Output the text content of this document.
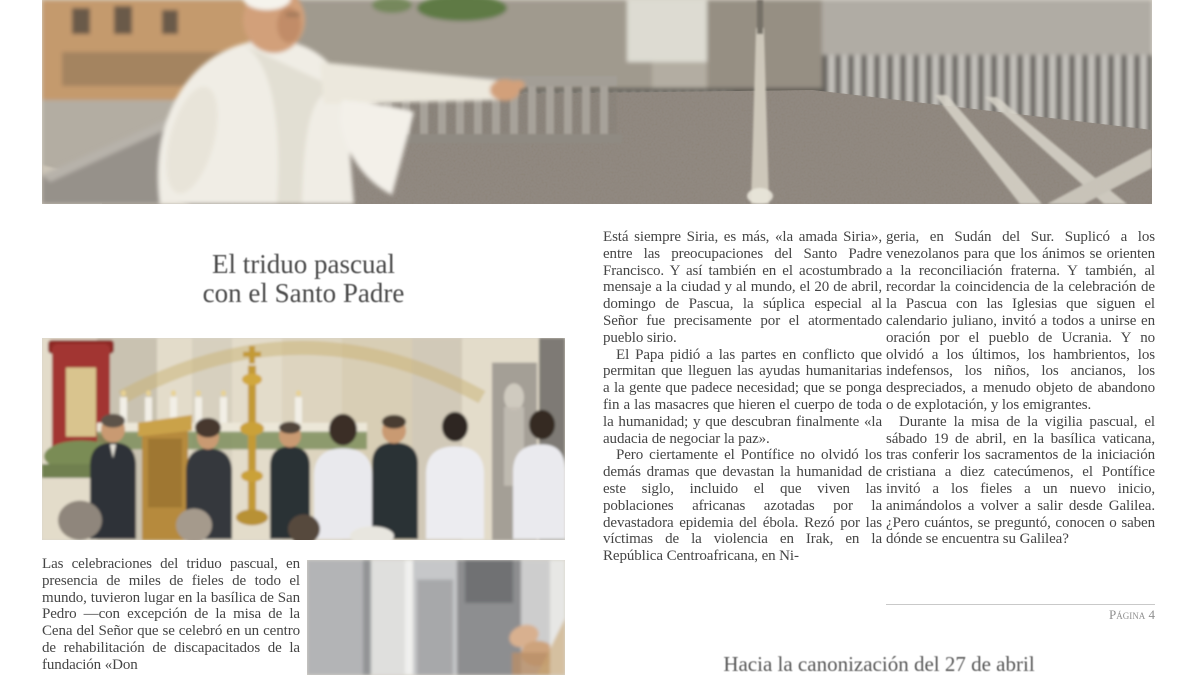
El triduo pascual
con el Santo Padre

Las celebraciones del triduo pascual, en presencia de miles de fieles de todo el mundo, tuvieron lugar en la basílica de San Pedro —con excepción de la misa de la Cena del Señor que se celebró en un centro de rehabilitación de discapacitados de la fundación «Don

Está siempre Siria, es más, «la amada Siria», entre las preocupaciones del Santo Padre Francisco. Y así también en el acostumbrado mensaje a la ciudad y al mundo, el 20 de abril, domingo de Pascua, la súplica especial al Señor fue precisamente por el atormentado pueblo sirio.

El Papa pidió a las partes en conflicto que permitan que lleguen las ayudas humanitarias a la gente que padece necesidad; que se ponga fin a las masacres que hieren el cuerpo de toda la humanidad; y que descubran finalmente «la audacia de negociar la paz».

Pero ciertamente el Pontífice no olvidó los demás dramas que devastan la humanidad de este siglo, incluido el que viven las poblaciones africanas azotadas por la devastadora epidemia del ébola. Rezó por las víctimas de la violencia en Irak, en la República Centroafricana, en Ni-

geria, en Sudán del Sur. Suplicó a los venezolanos para que los ánimos se orienten a la reconciliación fraterna. Y también, al recordar la coincidencia de la celebración de la Pascua con las Iglesias que siguen el calendario juliano, invitó a todos a unirse en oración por el pueblo de Ucrania. Y no olvidó a los últimos, los hambrientos, los indefensos, los niños, los ancianos, los despreciados, a menudo objeto de abandono o de explotación, y los emigrantes.

Durante la misa de la vigilia pascual, el sábado 19 de abril, en la basílica vaticana, tras conferir los sacramentos de la iniciación cristiana a diez catecúmenos, el Pontífice invitó a los fieles a un nuevo inicio, animándolos a volver a salir desde Galilea. ¿Pero cuántos, se preguntó, conocen o saben dónde se encuentra su Galilea?

Página 4
Hacia la canonización del 27 de abril
